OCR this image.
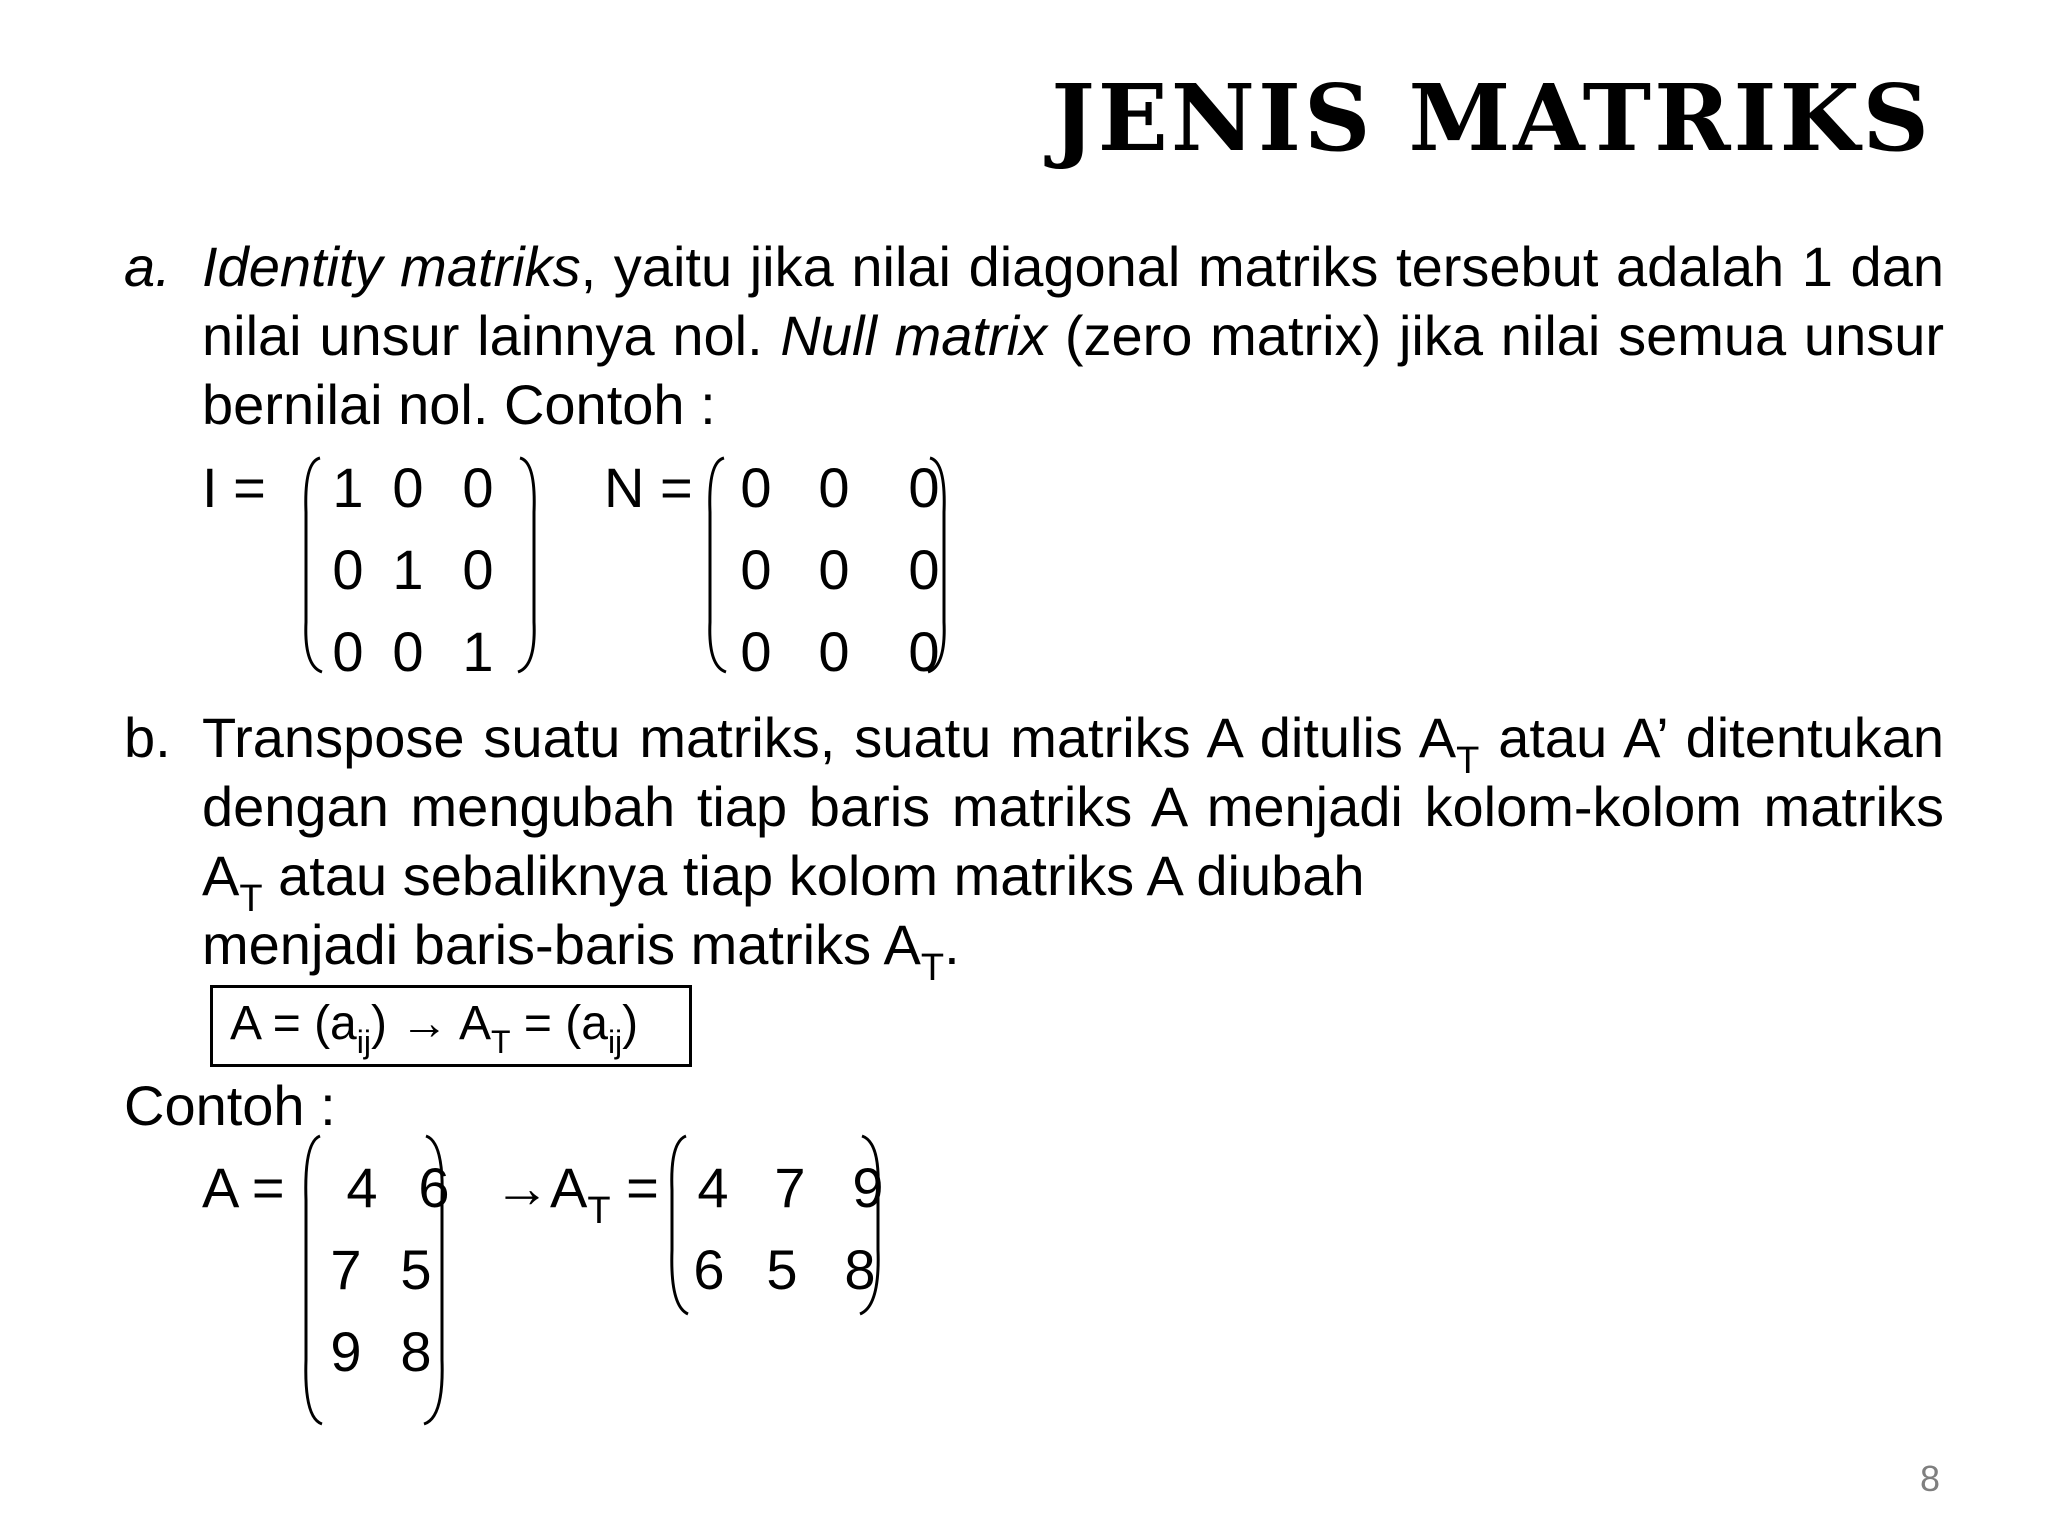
JENIS MATRIKS
a. Identity matriks, yaitu jika nilai diagonal matriks tersebut adalah 1 dan nilai unsur lainnya nol. Null matrix (zero matrix) jika nilai semua unsur bernilai nol. Contoh :
I = 1 0 0
0 1 0
0 0 1
N = 0 0	0
0 0	0
0 0	0
b. Transpose suatu matriks, suatu matriks A ditulis $A_T$ atau A’ ditentukan dengan mengubah tiap baris matriks A menjadi kolom-kolom matriks $A_T$ atau sebaliknya tiap kolom matriks A diubah
menjadi baris-baris matriks $A_T$.
$A = (a_{ij}) \to A_T = (a_{ij})$
Contoh :
A = 4 6
7 5
9 8
$\to A_T = 4$ 7 9
6 5 8
8
